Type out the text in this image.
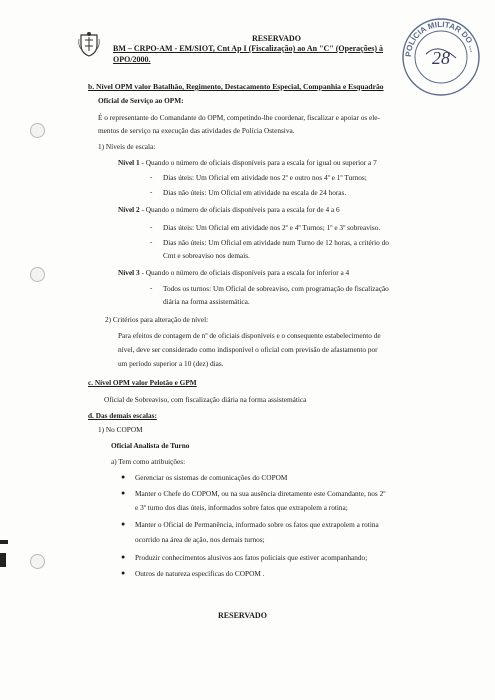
POLÍCIA MILITAR DO ...
28
RESERVADO
BM – CRPO-AM - EM/SIOT, Cnt Ap I (Fiscalização) ao An "C" (Operações) à
OPO/2000.
b. Nível OPM valor Batalhão, Regimento, Destacamento Especial, Companhia e Esquadrão
Oficial de Serviço ao OPM:
É o representante do Comandante do OPM, competindo-lhe coordenar, fiscalizar e apoiar os ele-
mentos de serviço na execução das atividades de Polícia Ostensiva.
1) Níveis de escala:
Nível 1 - Quando o número de oficiais disponíveis para a escala for igual ou superior a 7
- Dias úteis: Um Oficial em atividade nos 2º e outro nos 4º e 1º Turnos;
- Dias não úteis: Um Oficial em atividade na escala de 24 horas.
Nível 2 - Quando o número de oficiais disponíveis para a escala for de 4 a 6
- Dias úteis: Um Oficial em atividade nos 2º e 4º Turnos; 1º e 3º sobreaviso.
- Dias não úteis: Um Oficial em atividade num Turno de 12 horas, a critério do
Cmt e sobreaviso nos demais.
Nível 3 - Quando o número de oficiais disponíveis para a escala for inferior a 4
- Todos os turnos: Um Oficial de sobreaviso, com programação de fiscalização
diária na forma assistemática.
2) Critérios para alteração de nível:
Para efeitos de contagem de nº de oficiais disponíveis e o consequente estabelecimento de
nível, deve ser considerado como indisponível o oficial com previsão de afastamento por
um período superior a 10 (dez) dias.
c. Nível OPM valor Pelotão e GPM
Oficial de Sobreaviso, com fiscalização diária na forma assistemática
d. Das demais escalas:
1) No COPOM
Oficial Analista de Turno
a) Tem como atribuições:
● Gerenciar os sistemas de comunicações do COPOM
● Manter o Chefe do COPOM, ou na sua ausência diretamente este Comandante, nos 2º
e 3º turno dos dias úteis, informados sobre fatos que extrapolem a rotina;
● Manter o Oficial de Permanência, informado sobre os fatos que extrapolem a rotina
ocorrido na área de ação, nos demais turnos;
● Produzir conhecimentos alusivos aos fatos policiais que estiver acompanhando;
● Outros de natureza específicas do COPOM .
RESERVADO
